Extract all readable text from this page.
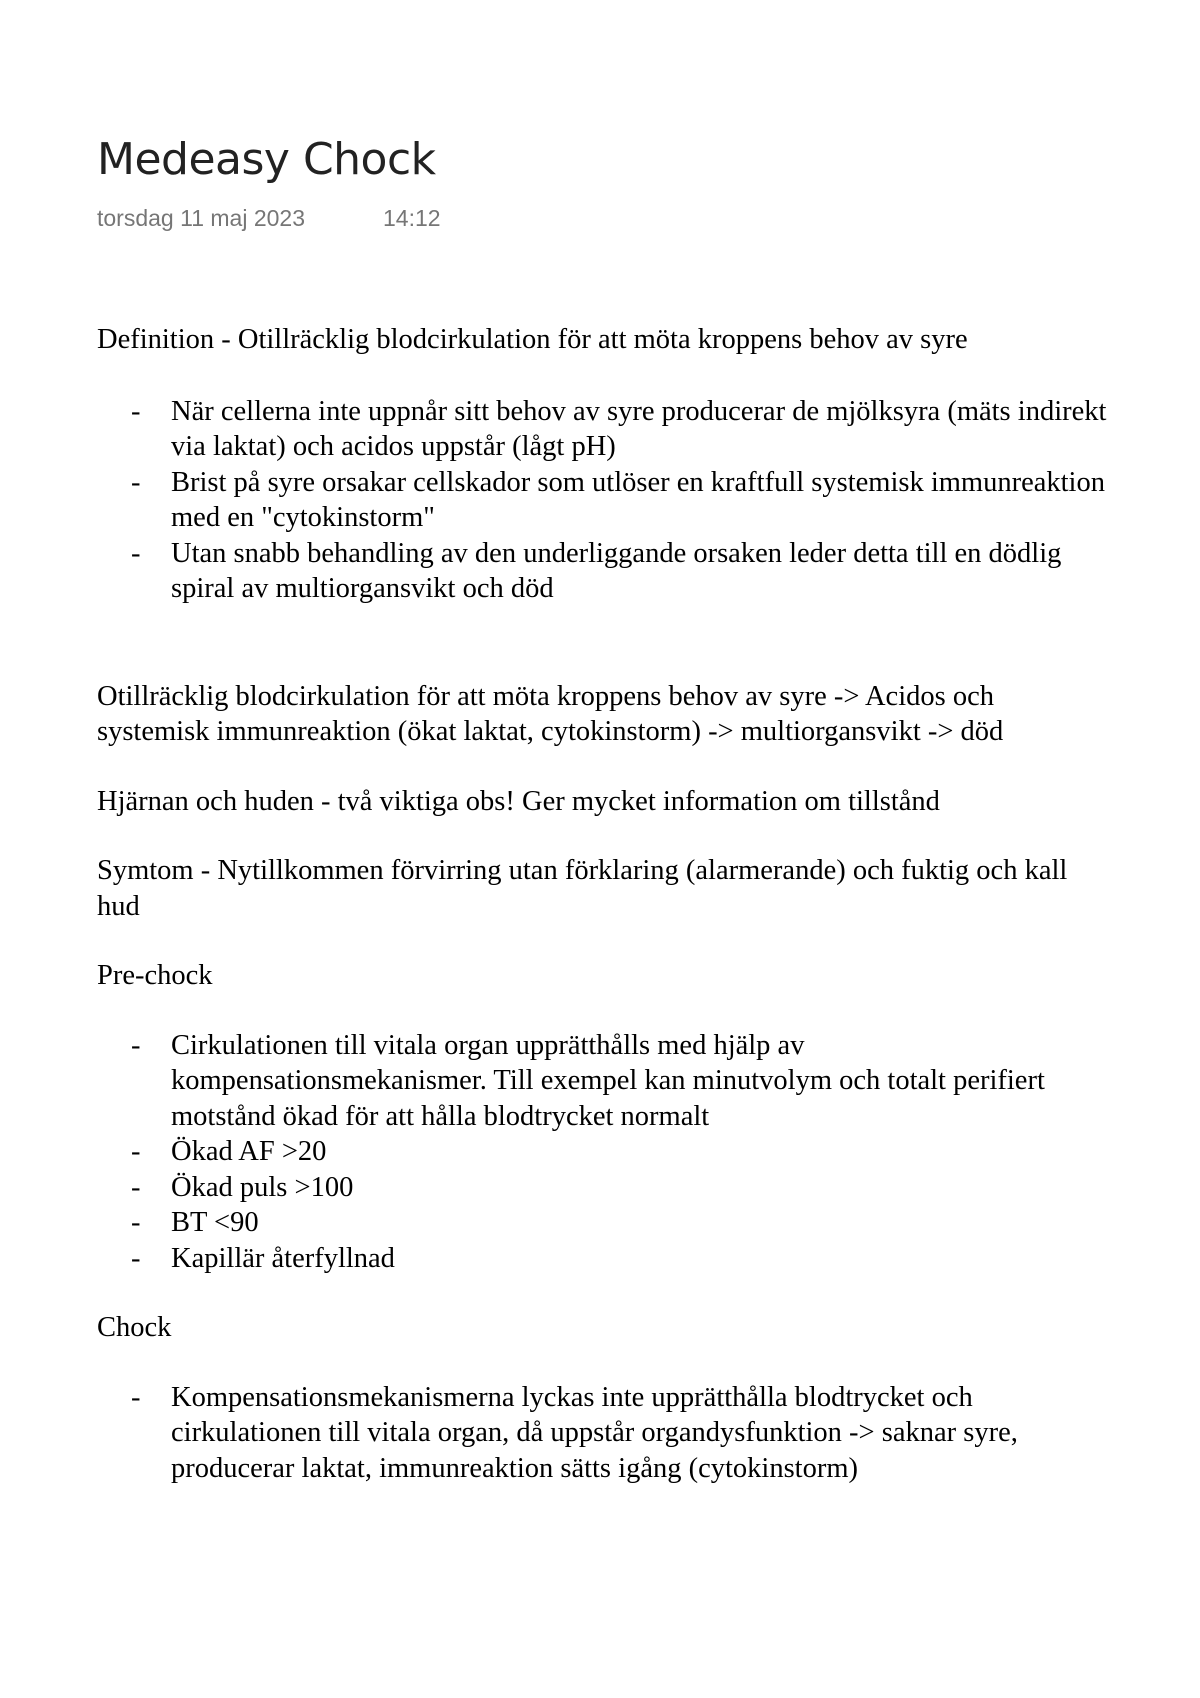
Medeasy Chock
torsdag 11 maj 2023	14:12

Definition - Otillräcklig blodcirkulation för att möta kroppens behov av syre

- När cellerna inte uppnår sitt behov av syre producerar de mjölksyra (mäts indirekt via laktat) och acidos uppstår (lågt pH)
- Brist på syre orsakar cellskador som utlöser en kraftfull systemisk immunreaktion med en "cytokinstorm"
- Utan snabb behandling av den underliggande orsaken leder detta till en dödlig spiral av multiorgansvikt och död

Otillräcklig blodcirkulation för att möta kroppens behov av syre -> Acidos och systemisk immunreaktion (ökat laktat, cytokinstorm) -> multiorgansvikt -> död

Hjärnan och huden - två viktiga obs! Ger mycket information om tillstånd

Symtom - Nytillkommen förvirring utan förklaring (alarmerande) och fuktig och kall hud

Pre-chock

- Cirkulationen till vitala organ upprätthålls med hjälp av kompensationsmekanismer. Till exempel kan minutvolym och totalt perifiert motstånd ökad för att hålla blodtrycket normalt
- Ökad AF >20
- Ökad puls >100
- BT <90
- Kapillär återfyllnad

Chock

- Kompensationsmekanismerna lyckas inte upprätthålla blodtrycket och cirkulationen till vitala organ, då uppstår organdysfunktion -> saknar syre, producerar laktat, immunreaktion sätts igång (cytokinstorm)
